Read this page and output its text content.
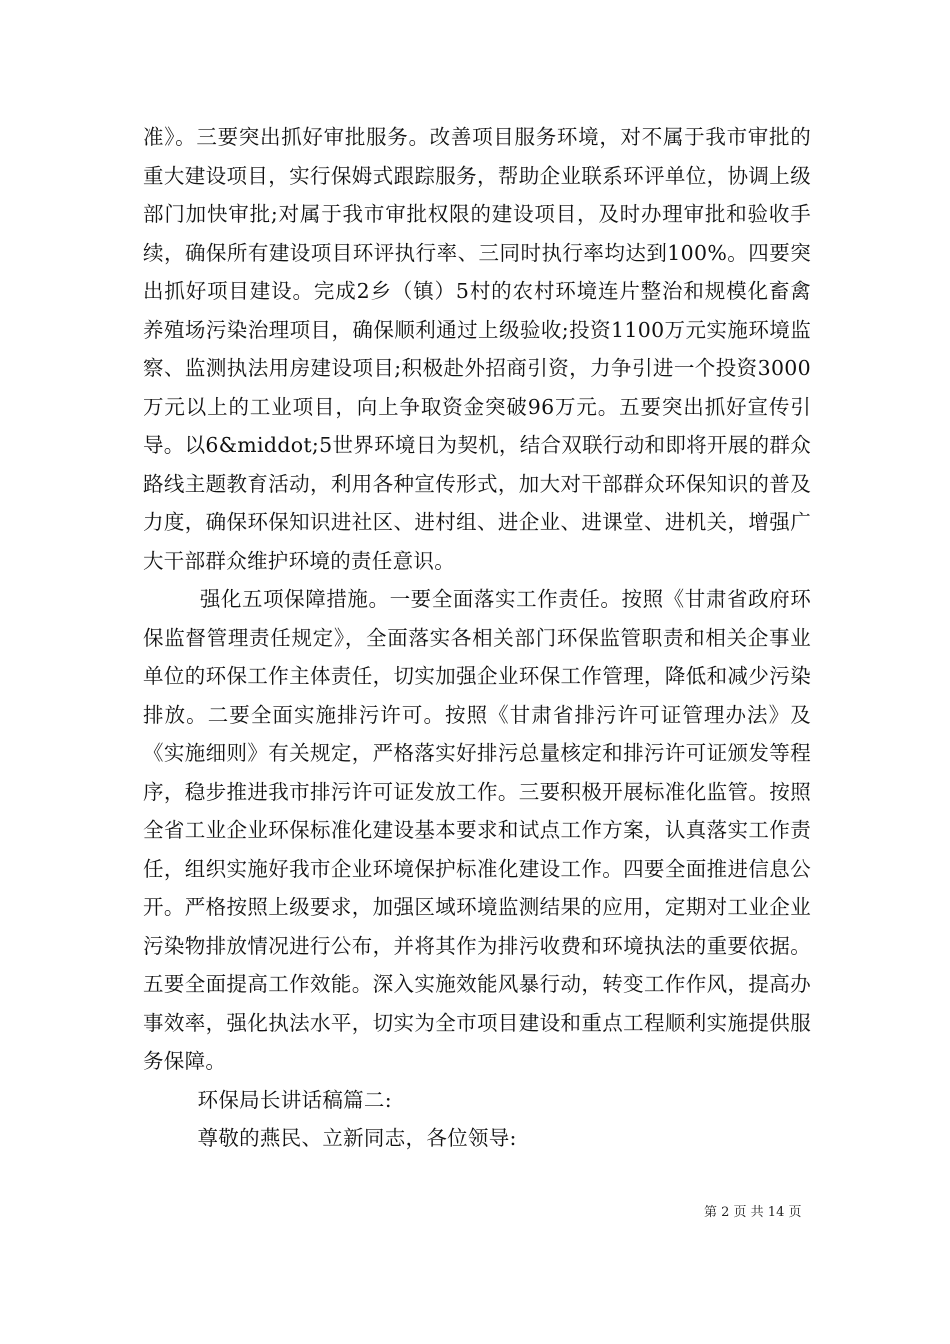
准》。三要突出抓好审批服务。改善项目服务环境，对不属于我市审批的重大建设项目，实行保姆式跟踪服务，帮助企业联系环评单位，协调上级部门加快审批;对属于我市审批权限的建设项目，及时办理审批和验收手续，确保所有建设项目环评执行率、三同时执行率均达到100%。四要突出抓好项目建设。完成2乡（镇）5村的农村环境连片整治和规模化畜禽养殖场污染治理项目，确保顺利通过上级验收;投资1100万元实施环境监察、监测执法用房建设项目;积极赴外招商引资，力争引进一个投资3000万元以上的工业项目，向上争取资金突破96万元。五要突出抓好宣传引导。以6&middot;5世界环境日为契机，结合双联行动和即将开展的群众路线主题教育活动，利用各种宣传形式，加大对干部群众环保知识的普及力度，确保环保知识进社区、进村组、进企业、进课堂、进机关，增强广大干部群众维护环境的责任意识。

强化五项保障措施。一要全面落实工作责任。按照《甘肃省政府环保监督管理责任规定》，全面落实各相关部门环保监管职责和相关企事业单位的环保工作主体责任，切实加强企业环保工作管理，降低和减少污染排放。二要全面实施排污许可。按照《甘肃省排污许可证管理办法》及《实施细则》有关规定，严格落实好排污总量核定和排污许可证颁发等程序，稳步推进我市排污许可证发放工作。三要积极开展标准化监管。按照全省工业企业环保标准化建设基本要求和试点工作方案，认真落实工作责任，组织实施好我市企业环境保护标准化建设工作。四要全面推进信息公开。严格按照上级要求，加强区域环境监测结果的应用，定期对工业企业污染物排放情况进行公布，并将其作为排污收费和环境执法的重要依据。五要全面提高工作效能。深入实施效能风暴行动，转变工作作风，提高办事效率，强化执法水平，切实为全市项目建设和重点工程顺利实施提供服务保障。

环保局长讲话稿篇二:

尊敬的燕民、立新同志，各位领导:

第 2 页 共 14 页
